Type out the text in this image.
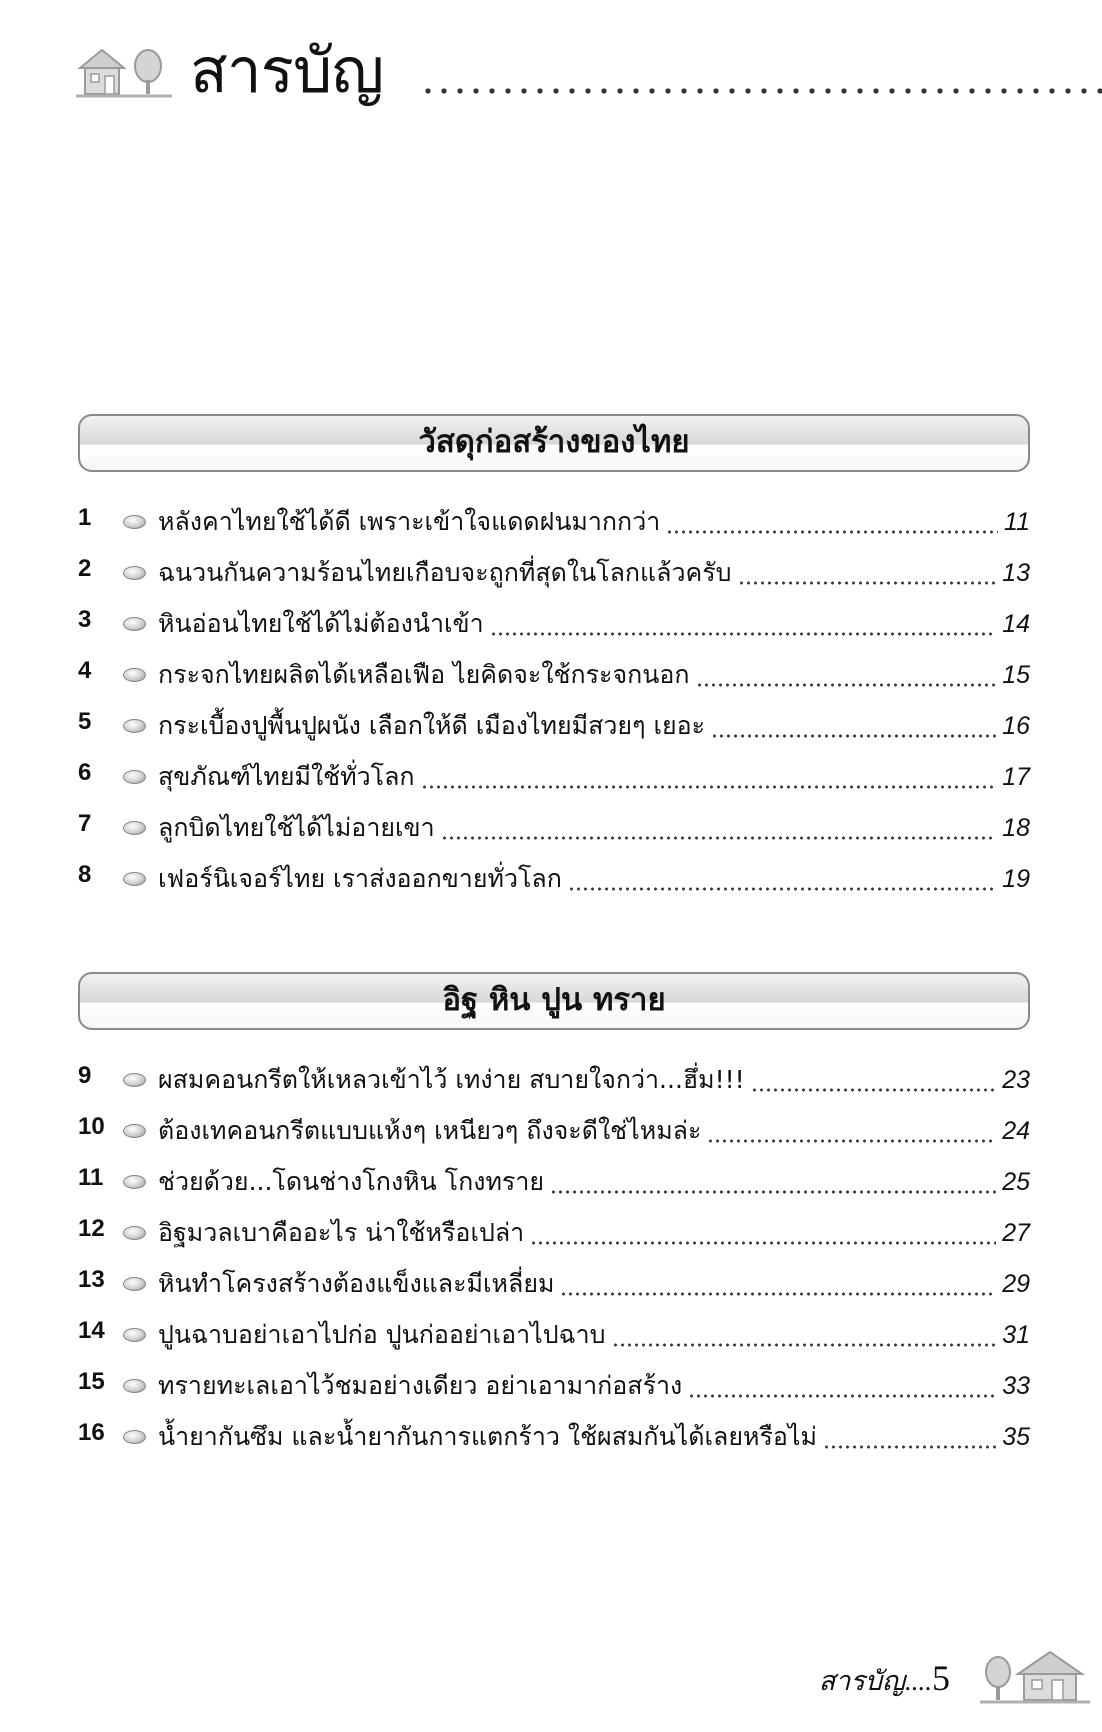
สารบัญ
วัสดุก่อสร้างของไทย
1	หลังคาไทยใช้ได้ดี เพราะเข้าใจแดดฝนมากกว่า	11
2	ฉนวนกันความร้อนไทยเกือบจะถูกที่สุดในโลกแล้วครับ	13
3	หินอ่อนไทยใช้ได้ไม่ต้องนำเข้า	14
4	กระจกไทยผลิตได้เหลือเฟือ ไยคิดจะใช้กระจกนอก	15
5	กระเบื้องปูพื้นปูผนัง เลือกให้ดี เมืองไทยมีสวยๆ เยอะ	16
6	สุขภัณฑ์ไทยมีใช้ทั่วโลก	17
7	ลูกบิดไทยใช้ได้ไม่อายเขา	18
8	เฟอร์นิเจอร์ไทย เราส่งออกขายทั่วโลก	19
อิฐ หิน ปูน ทราย
9	ผสมคอนกรีตให้เหลวเข้าไว้ เทง่าย สบายใจกว่า...ฮึ่ม!!!	23
10	ต้องเทคอนกรีตแบบแห้งๆ เหนียวๆ ถึงจะดีใช่ไหมล่ะ	24
11	ช่วยด้วย...โดนช่างโกงหิน โกงทราย	25
12	อิฐมวลเบาคืออะไร น่าใช้หรือเปล่า	27
13	หินทำโครงสร้างต้องแข็งและมีเหลี่ยม	29
14	ปูนฉาบอย่าเอาไปก่อ ปูนก่ออย่าเอาไปฉาบ	31
15	ทรายทะเลเอาไว้ชมอย่างเดียว อย่าเอามาก่อสร้าง	33
16	น้ำยากันซึม และน้ำยากันการแตกร้าว ใช้ผสมกันได้เลยหรือไม่	35
สารบัญ....5
